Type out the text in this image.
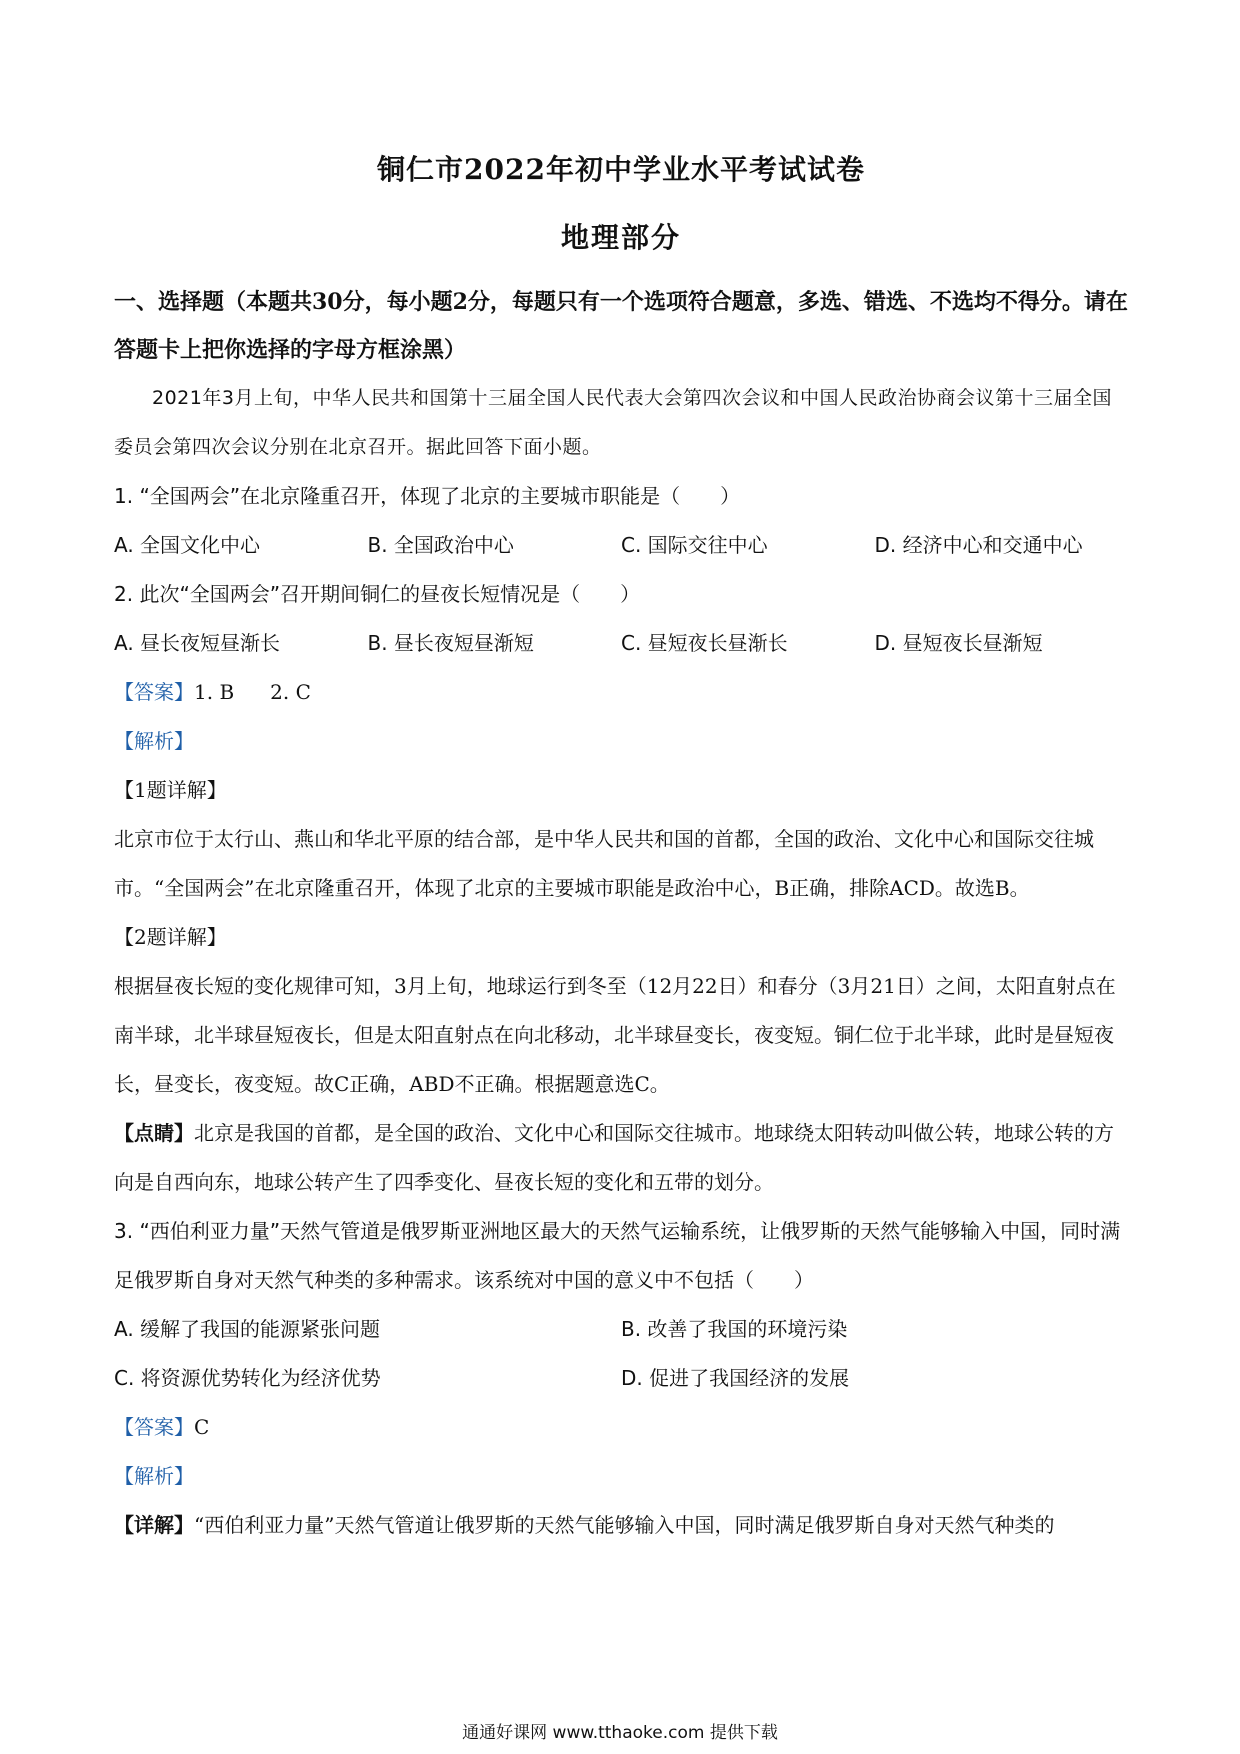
铜仁市2022年初中学业水平考试试卷
地理部分
一、选择题（本题共30分，每小题2分，每题只有一个选项符合题意，多选、错选、不选均不得分。请在答题卡上把你选择的字母方框涂黑）
2021年3月上旬，中华人民共和国第十三届全国人民代表大会第四次会议和中国人民政治协商会议第十三届全国委员会第四次会议分别在北京召开。据此回答下面小题。
1. “全国两会”在北京隆重召开，体现了北京的主要城市职能是（　　）
A. 全国文化中心	B. 全国政治中心	C. 国际交往中心	D. 经济中心和交通中心
2. 此次“全国两会”召开期间铜仁的昼夜长短情况是（　　）
A. 昼长夜短昼渐长	B. 昼长夜短昼渐短	C. 昼短夜长昼渐长	D. 昼短夜长昼渐短
【答案】1. B 2. C
【解析】
【1题详解】
北京市位于太行山、燕山和华北平原的结合部，是中华人民共和国的首都，全国的政治、文化中心和国际交往城市。“全国两会”在北京隆重召开，体现了北京的主要城市职能是政治中心，B正确，排除ACD。故选B。
【2题详解】
根据昼夜长短的变化规律可知，3月上旬，地球运行到冬至（12月22日）和春分（3月21日）之间，太阳直射点在南半球，北半球昼短夜长，但是太阳直射点在向北移动，北半球昼变长，夜变短。铜仁位于北半球，此时是昼短夜长，昼变长，夜变短。故C正确，ABD不正确。根据题意选C。
【点睛】北京是我国的首都，是全国的政治、文化中心和国际交往城市。地球绕太阳转动叫做公转，地球公转的方向是自西向东，地球公转产生了四季变化、昼夜长短的变化和五带的划分。
3. “西伯利亚力量”天然气管道是俄罗斯亚洲地区最大的天然气运输系统，让俄罗斯的天然气能够输入中国，同时满足俄罗斯自身对天然气种类的多种需求。该系统对中国的意义中不包括（　　）
A. 缓解了我国的能源紧张问题	B. 改善了我国的环境污染
C. 将资源优势转化为经济优势	D. 促进了我国经济的发展
【答案】C
【解析】
【详解】“西伯利亚力量”天然气管道让俄罗斯的天然气能够输入中国，同时满足俄罗斯自身对天然气种类的
通通好课网 www.tthaoke.com 提供下载
